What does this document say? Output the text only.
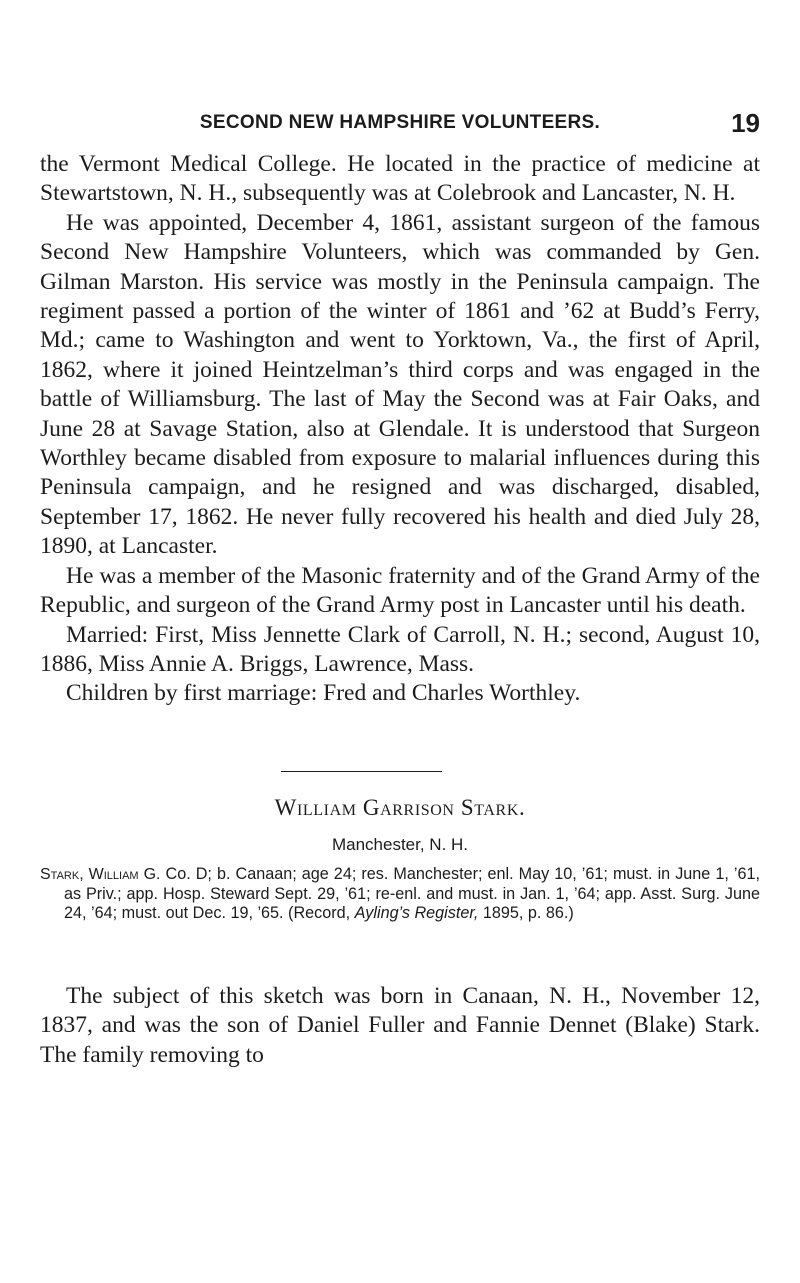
SECOND NEW HAMPSHIRE VOLUNTEERS.	19

the Vermont Medical College. He located in the practice of medicine at Stewartstown, N. H., subsequently was at Colebrook and Lancaster, N. H.

He was appointed, December 4, 1861, assistant surgeon of the famous Second New Hampshire Volunteers, which was commanded by Gen. Gilman Marston. His service was mostly in the Peninsula campaign. The regiment passed a portion of the winter of 1861 and ’62 at Budd’s Ferry, Md.; came to Washington and went to Yorktown, Va., the first of April, 1862, where it joined Heintzelman’s third corps and was engaged in the battle of Williamsburg. The last of May the Second was at Fair Oaks, and June 28 at Savage Station, also at Glendale. It is understood that Surgeon Worthley became disabled from exposure to malarial influences during this Peninsula campaign, and he resigned and was discharged, disabled, September 17, 1862. He never fully recovered his health and died July 28, 1890, at Lancaster.

He was a member of the Masonic fraternity and of the Grand Army of the Republic, and surgeon of the Grand Army post in Lancaster until his death.

Married: First, Miss Jennette Clark of Carroll, N. H.; second, August 10, 1886, Miss Annie A. Briggs, Lawrence, Mass.

Children by first marriage: Fred and Charles Worthley.

William Garrison Stark.
Manchester, N. H.

Stark, William G. Co. D; b. Canaan; age 24; res. Manchester; enl. May 10, ’61; must. in June 1, ’61, as Priv.; app. Hosp. Steward Sept. 29, ’61; re-enl. and must. in Jan. 1, ’64; app. Asst. Surg. June 24, ’64; must. out Dec. 19, ’65. (Record, Ayling’s Register, 1895, p. 86.)

The subject of this sketch was born in Canaan, N. H., November 12, 1837, and was the son of Daniel Fuller and Fannie Dennet (Blake) Stark. The family removing to
